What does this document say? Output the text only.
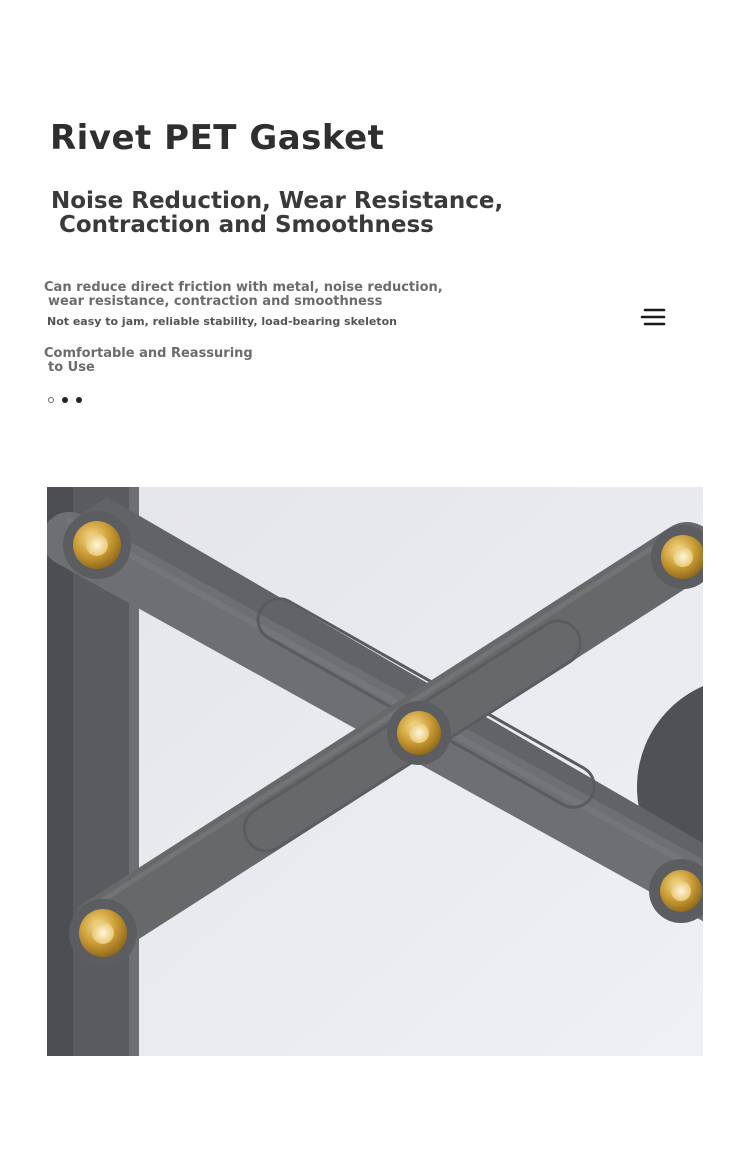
Rivet PET Gasket
Noise Reduction, Wear Resistance,
Contraction and Smoothness

Can reduce direct friction with metal, noise reduction,
wear resistance, contraction and smoothness

Not easy to jam, reliable stability, load-bearing skeleton

Comfortable and Reassuring
to Use
